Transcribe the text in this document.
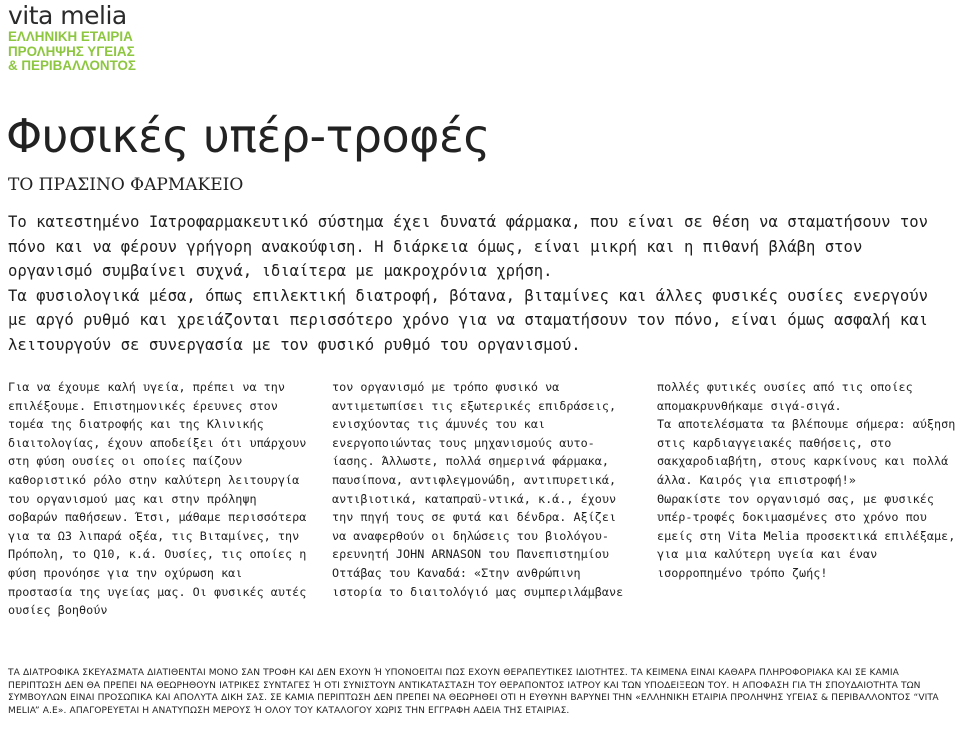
vita melia
ΕΛΛΗΝΙΚΗ ΕΤΑΙΡΙΑ
ΠΡΟΛΗΨΗΣ ΥΓΕΙΑΣ
& ΠΕΡΙΒΑΛΛΟΝΤΟΣ
Φυσικές υπέρ-τροφές
ΤΟ ΠΡΑΣΙΝΟ ΦΑΡΜΑΚΕΙΟ

Το κατεστημένο Ιατροφαρμακευτικό σύστημα έχει δυνατά φάρμακα, που είναι σε θέση να σταματήσουν τον πόνο και να φέρουν γρήγορη ανακούφιση. Η διάρκεια όμως, είναι μικρή και η πιθανή βλάβη στον οργανισμό συμβαίνει συχνά, ιδιαίτερα με μακροχρόνια χρήση.

Τα φυσιολογικά μέσα, όπως επιλεκτική διατροφή, βότανα, βιταμίνες και άλλες φυσικές ουσίες ενεργούν με αργό ρυθμό και χρειάζονται περισσότερο χρόνο για να σταματήσουν τον πόνο, είναι όμως ασφαλή και λειτουργούν σε συνεργασία με τον φυσικό ρυθμό του οργανισμού.

Για να έχουμε καλή υγεία, πρέπει να την επιλέξουμε. Επιστημονικές έρευνες στον τομέα της διατροφής και της Κλινικής διαιτολογίας, έχουν αποδείξει ότι υπάρχουν στη φύση ουσίες οι οποίες παίζουν καθοριστικό ρόλο στην καλύτερη λειτουργία του οργανισμού μας και στην πρόληψη σοβαρών παθήσεων. Έτσι, μάθαμε περισσότερα για τα Ω3 λιπαρά οξέα, τις Βιταμίνες, την Πρόπολη, το Q10, κ.ά. Ουσίες, τις οποίες η φύση προνόησε για την οχύρωση και προστασία της υγείας μας. Οι φυσικές αυτές ουσίες βοηθούν

τον οργανισμό με τρόπο φυσικό να αντιμετωπίσει τις εξωτερικές επιδράσεις, ενισχύοντας τις άμυνές του και ενεργοποιώντας τους μηχανισμούς αυτο-ίασης. Άλλωστε, πολλά σημερινά φάρμακα, παυσίπονα, αντιφλεγμονώδη, αντιπυρετικά, αντιβιοτικά, καταπραϋ-ντικά, κ.ά., έχουν την πηγή τους σε φυτά και δένδρα. Αξίζει να αναφερθούν οι δηλώσεις του βιολόγου-ερευνητή JOHN ARNASON του Πανεπιστημίου Οττάβας του Καναδά: «Στην ανθρώπινη ιστορία το διαιτολόγιό μας συμπεριλάμβανε

πολλές φυτικές ουσίες από τις οποίες απομακρυνθήκαμε σιγά-σιγά.

Τα αποτελέσματα τα βλέπουμε σήμερα: αύξηση στις καρδιαγγειακές παθήσεις, στο σακχαροδιαβήτη, στους καρκίνους και πολλά άλλα. Καιρός για επιστροφή!»

Θωρακίστε τον οργανισμό σας, με φυσικές υπέρ-τροφές δοκιμασμένες στο χρόνο που εμείς στη Vita Melia προσεκτικά επιλέξαμε, για μια καλύτερη υγεία και έναν ισορροπημένο τρόπο ζωής!

ΤΑ ΔΙΑΤΡΟΦΙΚΑ ΣΚΕΥΑΣΜΑΤΑ ΔΙΑΤΙΘΕΝΤΑΙ ΜΟΝΟ ΣΑΝ ΤΡΟΦΗ ΚΑΙ ΔΕΝ ΕΧΟΥΝ Ή ΥΠΟΝΟΕΙΤΑΙ ΠΩΣ ΕΧΟΥΝ ΘΕΡΑΠΕΥΤΙΚΕΣ ΙΔΙΟΤΗΤΕΣ. ΤΑ ΚΕΙΜΕΝΑ ΕΙΝΑΙ ΚΑΘΑΡΑ ΠΛΗΡΟΦΟΡΙΑΚΑ ΚΑΙ ΣΕ ΚΑΜΙΑ ΠΕΡΙΠΤΩΣΗ ΔΕΝ ΘΑ ΠΡΕΠΕΙ ΝΑ ΘΕΩΡΗΘΟΥΝ ΙΑΤΡΙΚΕΣ ΣΥΝΤΑΓΕΣ Ή ΟΤΙ ΣΥΝΙΣΤΟΥΝ ΑΝΤΙΚΑΤΑΣΤΑΣΗ ΤΟΥ ΘΕΡΑΠΟΝΤΟΣ ΙΑΤΡΟΥ ΚΑΙ ΤΩΝ ΥΠΟΔΕΙΞΕΩΝ ΤΟΥ. Η ΑΠΟΦΑΣΗ ΓΙΑ ΤΗ ΣΠΟΥΔΑΙΟΤΗΤΑ ΤΩΝ ΣΥΜΒΟΥΛΩΝ ΕΙΝΑΙ ΠΡΟΣΩΠΙΚΑ ΚΑΙ ΑΠΟΛΥΤΑ ΔΙΚΗ ΣΑΣ. ΣΕ ΚΑΜΙΑ ΠΕΡΙΠΤΩΣΗ ΔΕΝ ΠΡΕΠΕΙ ΝΑ ΘΕΩΡΗΘΕΙ ΟΤΙ Η ΕΥΘΥΝΗ ΒΑΡΥΝΕΙ ΤΗΝ «ΕΛΛΗΝΙΚΗ ΕΤΑΙΡΙΑ ΠΡΟΛΗΨΗΣ ΥΓΕΙΑΣ & ΠΕΡΙΒΑΛΛΟΝΤΟΣ “VITA MELIA” Α.Ε». ΑΠΑΓΟΡΕΥΕΤΑΙ Η ΑΝΑΤΥΠΩΣΗ ΜΕΡΟΥΣ Ή ΟΛΟΥ ΤΟΥ ΚΑΤΑΛΟΓΟΥ ΧΩΡΙΣ ΤΗΝ ΕΓΓΡΑΦΗ ΑΔΕΙΑ ΤΗΣ ΕΤΑΙΡΙΑΣ.
